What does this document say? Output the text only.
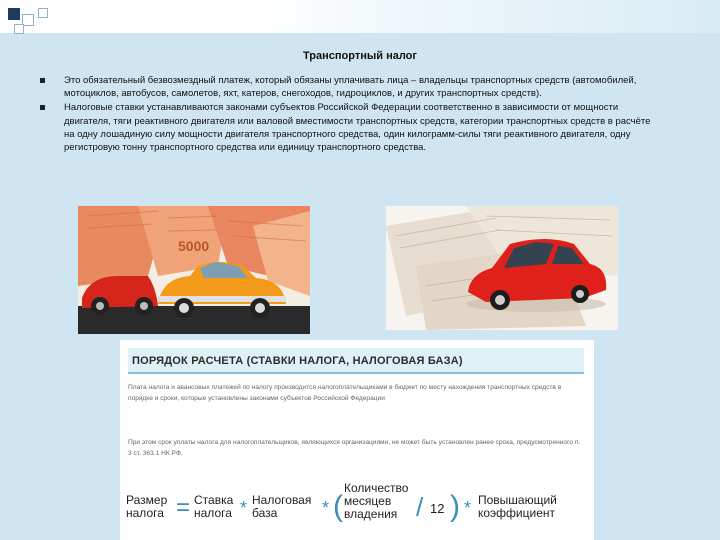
Транспортный налог
Это обязательный безвозмездный платеж, который обязаны уплачивать лица – владельцы транспортных средств (автомобилей, мотоциклов, автобусов, самолетов, яхт, катеров, снегоходов, гидроциклов, и других транспортных средств).
Налоговые ставки устанавливаются законами субъектов Российской Федерации соответственно в зависимости от мощности двигателя, тяги реактивного двигателя или валовой вместимости транспортных средств, категории транспортных средств в расчёте на одну лошадиную силу мощности двигателя транспортного средства, один килограмм-силы тяги реактивного двигателя, одну регистровую тонну транспортного средства или единицу транспортного средства.
5000
ПОРЯДОК РАСЧЕТА (СТАВКИ НАЛОГА, НАЛОГОВАЯ БАЗА)
Плата налога и авансовых платежей по налогу производится налогоплательщиками в бюджет по месту нахождения транспортных средств в порядке и сроки, которые установлены законами субъектов Российской Федерации
При этом срок уплаты налога для налогоплательщиков, являющихся организациями, не может быть установлен ранее срока, предусмотренного п. 3 ст. 363.1 НК РФ.
Размер
налога = Ставка
налога * Налоговая
база	* (
Количество
месяцев
владения / 12 ) * Повышающий
коэффициент
